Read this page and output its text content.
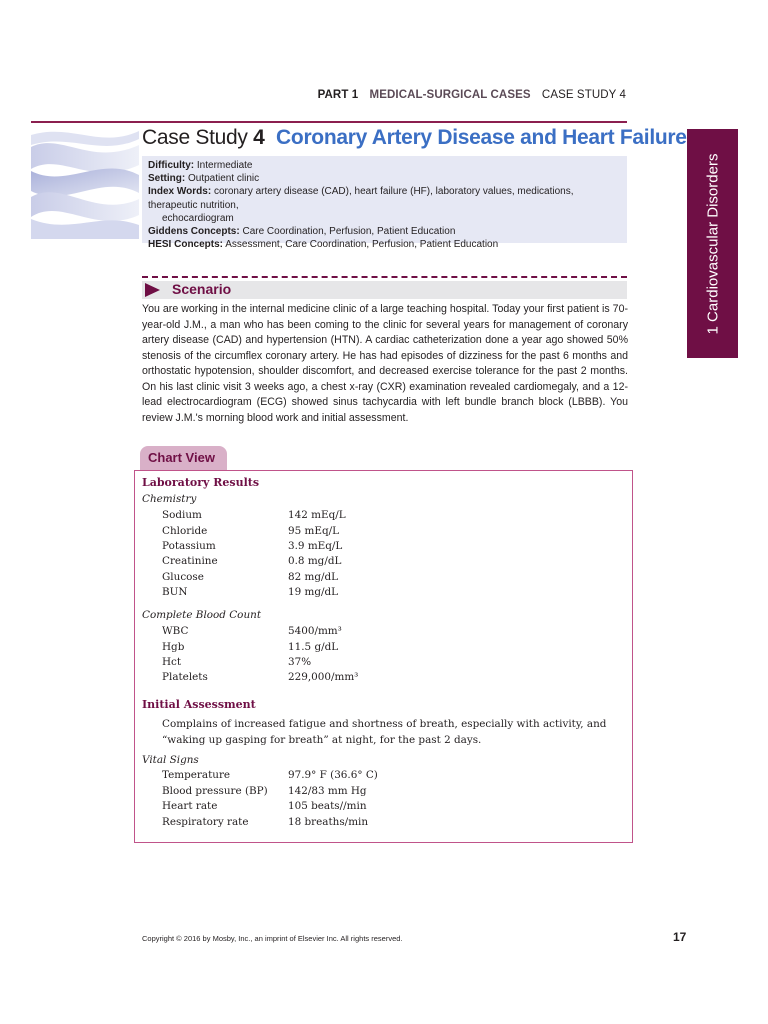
PART 1 MEDICAL-SURGICAL CASES CASE STUDY 4
1 Cardiovascular Disorders
Case Study 4 Coronary Artery Disease and Heart Failure
Difficulty: Intermediate
Setting: Outpatient clinic
Index Words: coronary artery disease (CAD), heart failure (HF), laboratory values, medications, therapeutic nutrition,
echocardiogram
Giddens Concepts: Care Coordination, Perfusion, Patient Education
HESI Concepts: Assessment, Care Coordination, Perfusion, Patient Education
Scenario
You are working in the internal medicine clinic of a large teaching hospital. Today your first patient is 70-year-old J.M., a man who has been coming to the clinic for several years for management of coronary artery disease (CAD) and hypertension (HTN). A cardiac catheterization done a year ago showed 50% stenosis of the circumflex coronary artery. He has had episodes of dizziness for the past 6 months and orthostatic hypotension, shoulder discomfort, and decreased exercise tolerance for the past 2 months. On his last clinic visit 3 weeks ago, a chest x-ray (CXR) examination revealed cardiomegaly, and a 12-lead electrocardiogram (ECG) showed sinus tachycardia with left bundle branch block (LBBB). You review J.M.'s morning blood work and initial assessment.
Chart View
Laboratory Results
Chemistry
Sodium	142 mEq/L
Chloride	95 mEq/L
Potassium	3.9 mEq/L
Creatinine	0.8 mg/dL
Glucose	82 mg/dL
BUN	19 mg/dL
Complete Blood Count
WBC	5400/mm³
Hgb	11.5 g/dL
Hct	37%
Platelets	229,000/mm³
Initial Assessment
Complains of increased fatigue and shortness of breath, especially with activity, and “waking up gasping for breath” at night, for the past 2 days.
Vital Signs
Temperature	97.9° F (36.6° C)
Blood pressure (BP) 142/83 mm Hg
Heart rate	105 beats//min
Respiratory rate	18 breaths/min
Copyright © 2016 by Mosby, Inc., an imprint of Elsevier Inc. All rights reserved.	17
